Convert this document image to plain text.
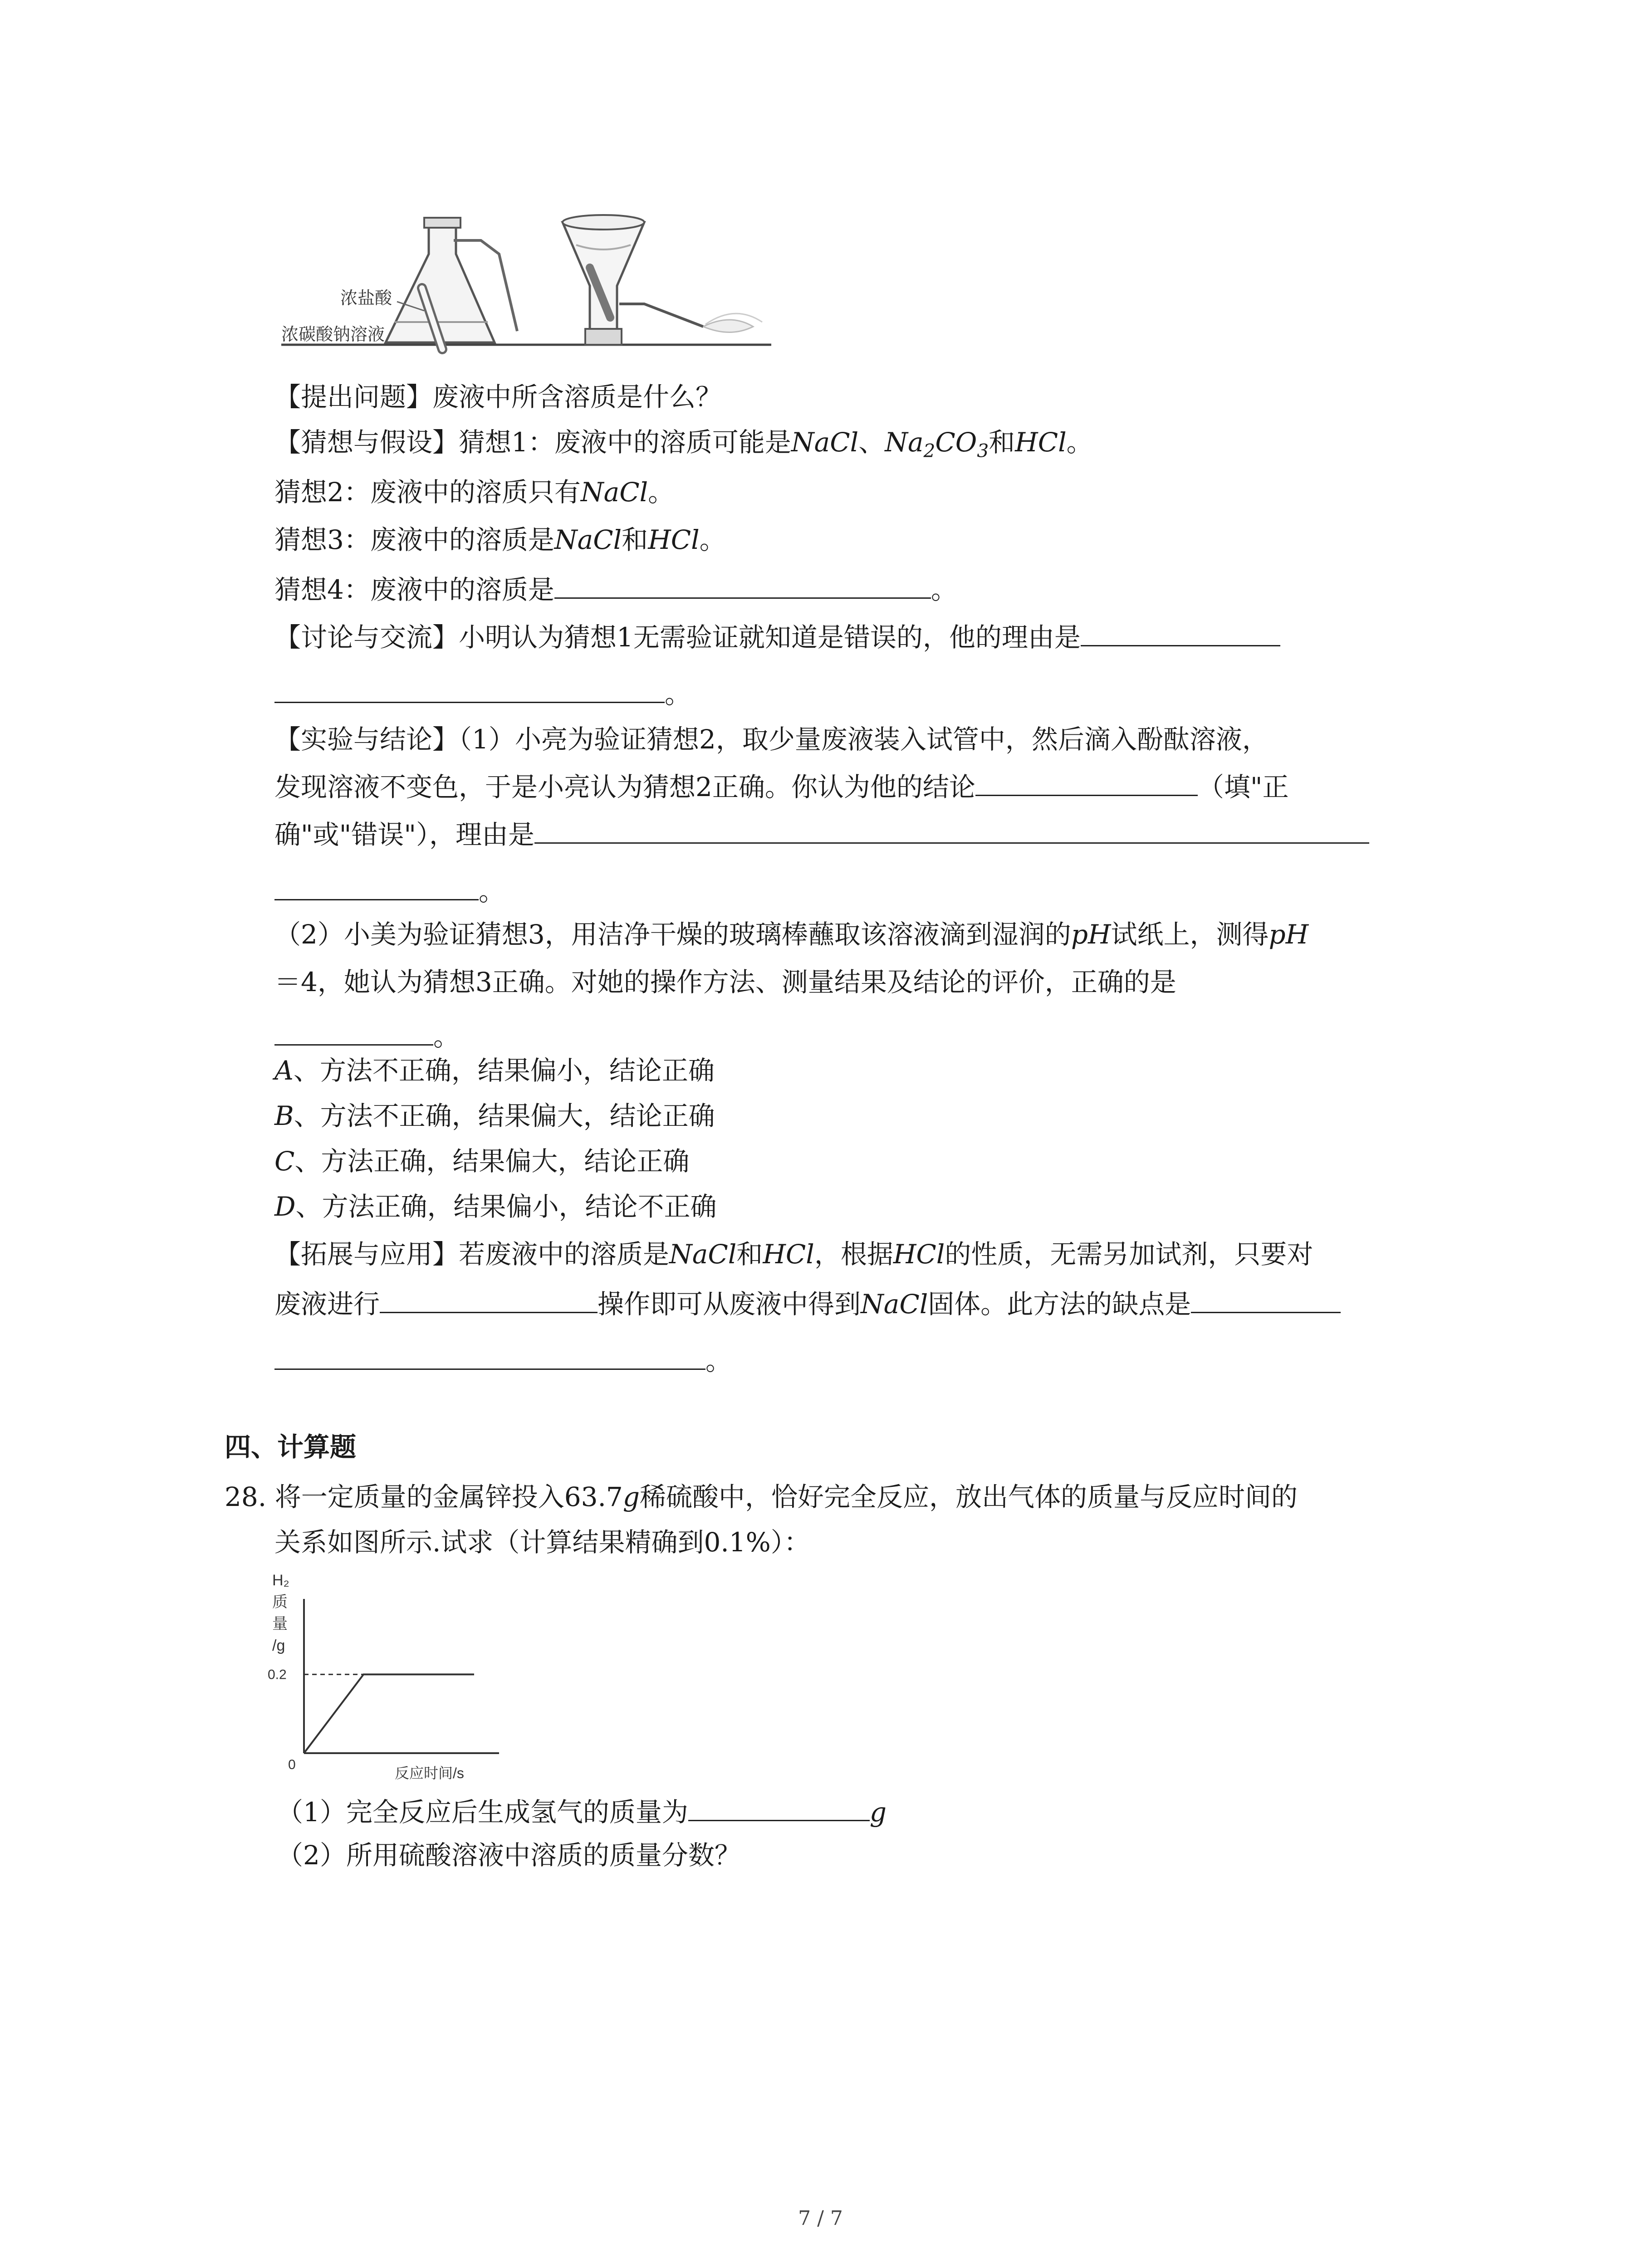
浓盐酸
浓碳酸钠溶液
【提出问题】废液中所含溶质是什么？
【猜想与假设】猜想1：废液中的溶质可能是NaCl、$Na_2CO_3$和HCl。
猜想2：废液中的溶质只有NaCl。
猜想3：废液中的溶质是NaCl和HCl。
猜想4：废液中的溶质是	。
【讨论与交流】小明认为猜想1无需验证就知道是错误的，他的理由是
。
【实验与结论】（1）小亮为验证猜想2，取少量废液装入试管中，然后滴入酚酞溶液，
发现溶液不变色，于是小亮认为猜想2正确。你认为他的结论	（填"正
确"或"错误"），理由是
。
（2）小美为验证猜想3，用洁净干燥的玻璃棒蘸取该溶液滴到湿润的pH试纸上，测得pH
＝4，她认为猜想3正确。对她的操作方法、测量结果及结论的评价，正确的是
。
A、方法不正确，结果偏小，结论正确
B、方法不正确，结果偏大，结论正确
C、方法正确，结果偏大，结论正确
D、方法正确，结果偏小，结论不正确
【拓展与应用】若废液中的溶质是NaCl和HCl，根据HCl的性质，无需另加试剂，只要对
废液进行	操作即可从废液中得到NaCl固体。此方法的缺点是
。
四、计算题
28. 将一定质量的金属锌投入63.7g稀硫酸中，恰好完全反应，放出气体的质量与反应时间的
关系如图所示.试求（计算结果精确到0.1%）：
H₂
质
量
/g
0
0.2
反应时间/s
（1）完全反应后生成氢气的质量为	g
（2）所用硫酸溶液中溶质的质量分数？
7 / 7
